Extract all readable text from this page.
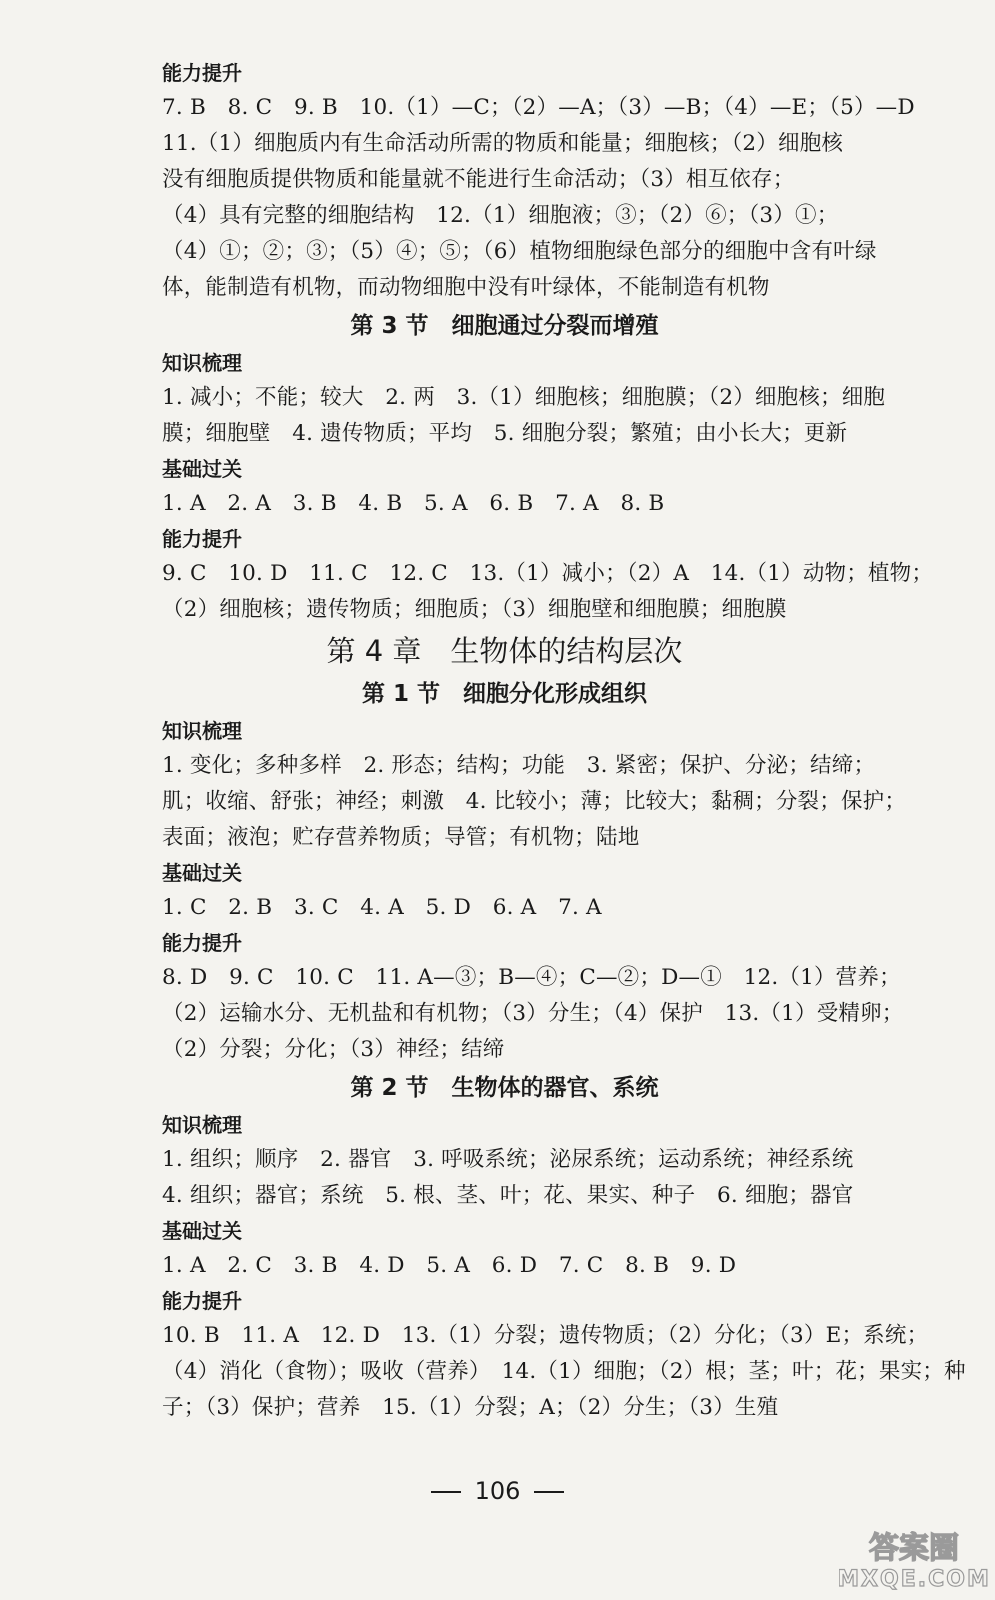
能力提升
7. B　8. C　9. B　10.（1）—C；（2）—A；（3）—B；（4）—E；（5）—D
11.（1）细胞质内有生命活动所需的物质和能量；细胞核；（2）细胞核
没有细胞质提供物质和能量就不能进行生命活动；（3）相互依存；
（4）具有完整的细胞结构　12.（1）细胞液；③；（2）⑥；（3）①；
（4）①；②；③；（5）④；⑤；（6）植物细胞绿色部分的细胞中含有叶绿
体，能制造有机物，而动物细胞中没有叶绿体，不能制造有机物
第 3 节　细胞通过分裂而增殖
知识梳理
1. 减小；不能；较大　2. 两　3.（1）细胞核；细胞膜；（2）细胞核；细胞
膜；细胞壁　4. 遗传物质；平均　5. 细胞分裂；繁殖；由小长大；更新
基础过关
1. A　2. A　3. B　4. B　5. A　6. B　7. A　8. B
能力提升
9. C　10. D　11. C　12. C　13.（1）减小；（2）A　14.（1）动物；植物；
（2）细胞核；遗传物质；细胞质；（3）细胞壁和细胞膜；细胞膜
第 4 章　生物体的结构层次
第 1 节　细胞分化形成组织
知识梳理
1. 变化；多种多样　2. 形态；结构；功能　3. 紧密；保护、分泌；结缔；
肌；收缩、舒张；神经；刺激　4. 比较小；薄；比较大；黏稠；分裂；保护；
表面；液泡；贮存营养物质；导管；有机物；陆地
基础过关
1. C　2. B　3. C　4. A　5. D　6. A　7. A
能力提升
8. D　9. C　10. C　11. A—③；B—④；C—②；D—①　12.（1）营养；
（2）运输水分、无机盐和有机物；（3）分生；（4）保护　13.（1）受精卵；
（2）分裂；分化；（3）神经；结缔
第 2 节　生物体的器官、系统
知识梳理
1. 组织；顺序　2. 器官　3. 呼吸系统；泌尿系统；运动系统；神经系统
4. 组织；器官；系统　5. 根、茎、叶；花、果实、种子　6. 细胞；器官
基础过关
1. A　2. C　3. B　4. D　5. A　6. D　7. C　8. B　9. D
能力提升
10. B　11. A　12. D　13.（1）分裂；遗传物质；（2）分化；（3）E；系统；
（4）消化（食物）；吸收（营养）　14.（1）细胞；（2）根；茎；叶；花；果实；种
子；（3）保护；营养　15.（1）分裂；A；（2）分生；（3）生殖
106
答案圈
MXQE.COM
